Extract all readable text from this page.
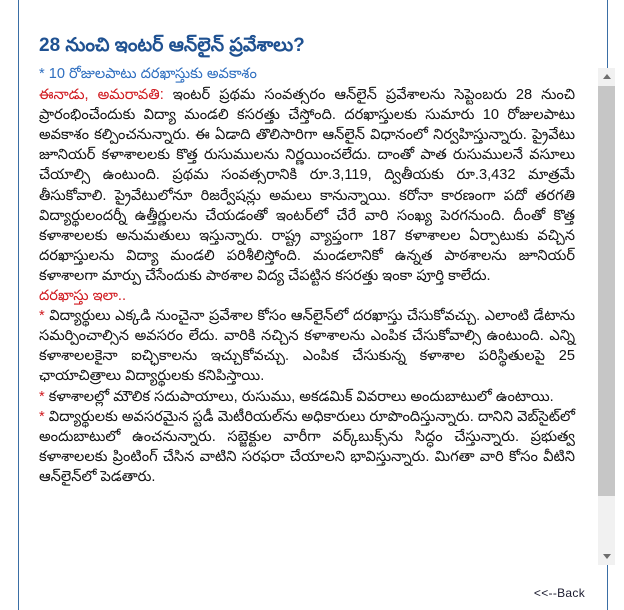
28 నుంచి ఇంటర్ ఆన్‌లైన్ ప్రవేశాలు?
* 10 రోజులపాటు దరఖాస్తుకు అవకాశం

ఈనాడు, అమరావతి: ఇంటర్ ప్రథమ సంవత్సరం ఆన్‌లైన్ ప్రవేశాలను సెప్టెంబరు 28 నుంచి ప్రారంభించేందుకు విద్యా మండలి కసరత్తు చేస్తోంది. దరఖాస్తులకు సుమారు 10 రోజులపాటు అవకాశం కల్పించనున్నారు. ఈ ఏడాది తొలిసారిగా ఆన్‌లైన్ విధానంలో నిర్వహిస్తున్నారు. ప్రైవేటు జూనియర్ కళాశాలలకు కొత్త రుసుములను నిర్ణయించలేదు. దాంతో పాత రుసుములనే వసూలు చేయాల్సి ఉంటుంది. ప్రథమ సంవత్సరానికి రూ.3,119, ద్వితీయకు రూ.3,432 మాత్రమే తీసుకోవాలి. ప్రైవేటులోనూ రిజర్వేషన్లు అమలు కానున్నాయి. కరోనా కారణంగా పదో తరగతి విద్యార్థులందర్నీ ఉత్తీర్ణులను చేయడంతో ఇంటర్‌లో చేరే వారి సంఖ్య పెరగనుంది. దీంతో కొత్త కళాశాలలకు అనుమతులు ఇస్తున్నారు. రాష్ట్ర వ్యాప్తంగా 187 కళాశాలల ఏర్పాటుకు వచ్చిన దరఖాస్తులను విద్యా మండలి పరిశీలిస్తోంది. మండలానికో ఉన్నత పాఠశాలను జూనియర్ కళాశాలగా మార్పు చేసేందుకు పాఠశాల విద్య చేపట్టిన కసరత్తు ఇంకా పూర్తి కాలేదు.

దరఖాస్తు ఇలా..

* విద్యార్థులు ఎక్కడి నుంచైనా ప్రవేశాల కోసం ఆన్‌లైన్‌లో దరఖాస్తు చేసుకోవచ్చు. ఎలాంటి డేటాను సమర్పించాల్సిన అవసరం లేదు. వారికి నచ్చిన కళాశాలను ఎంపిక చేసుకోవాల్సి ఉంటుంది. ఎన్ని కళాశాలలకైనా ఐచ్ఛికాలను ఇచ్చుకోవచ్చు. ఎంపిక చేసుకున్న కళాశాల పరిస్థితులపై 25 ఛాయాచిత్రాలు విద్యార్థులకు కనిపిస్తాయి.

* కళాశాలల్లో మౌలిక సదుపాయాలు, రుసుము, అకడమిక్ వివరాలు అందుబాటులో ఉంటాయి.

* విద్యార్థులకు అవసరమైన స్టడీ మెటీరియల్‌ను అధికారులు రూపొందిస్తున్నారు. దానిని వెబ్‌సైట్‌లో అందుబాటులో ఉంచనున్నారు. సబ్జెక్టుల వారీగా వర్క్‌బుక్స్‌ను సిద్ధం చేస్తున్నారు. ప్రభుత్వ కళాశాలలకు ప్రింటింగ్ చేసిన వాటిని సరఫరా చేయాలని భావిస్తున్నారు. మిగతా వారి కోసం వీటిని ఆన్‌లైన్‌లో పెడతారు.

<<--Back
